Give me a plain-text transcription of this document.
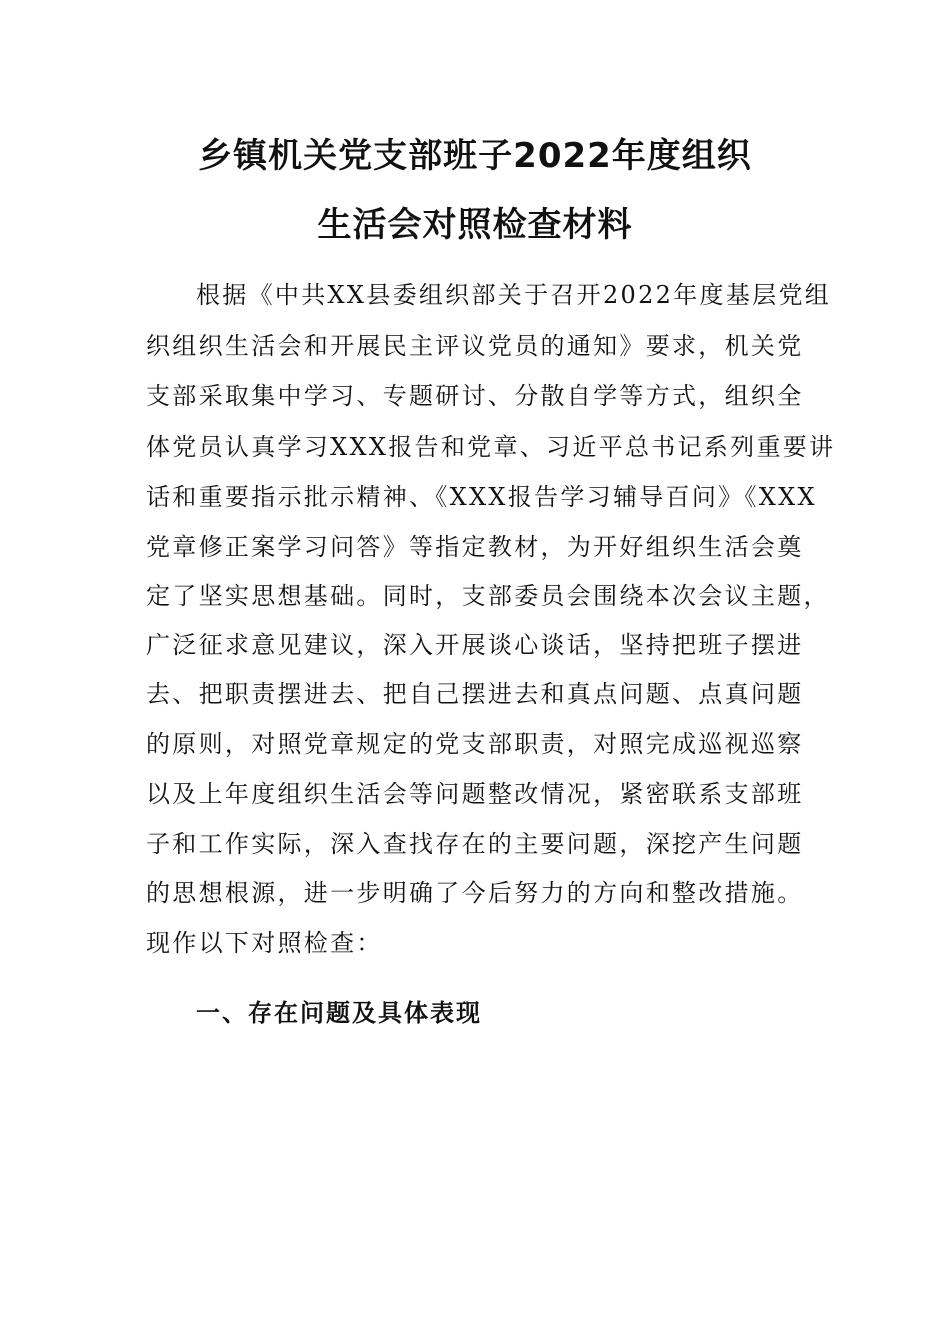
乡镇机关党支部班子2022年度组织
生活会对照检查材料

根据《中共XX县委组织部关于召开2022年度基层党组

织组织生活会和开展民主评议党员的通知》要求，机关党

支部采取集中学习、专题研讨、分散自学等方式，组织全

体党员认真学习XXX报告和党章、习近平总书记系列重要讲

话和重要指示批示精神、《XXX报告学习辅导百问》《XXX

党章修正案学习问答》等指定教材，为开好组织生活会奠

定了坚实思想基础。同时，支部委员会围绕本次会议主题，

广泛征求意见建议，深入开展谈心谈话，坚持把班子摆进

去、把职责摆进去、把自己摆进去和真点问题、点真问题

的原则，对照党章规定的党支部职责，对照完成巡视巡察

以及上年度组织生活会等问题整改情况，紧密联系支部班

子和工作实际，深入查找存在的主要问题，深挖产生问题

的思想根源，进一步明确了今后努力的方向和整改措施。

现作以下对照检查：

一、存在问题及具体表现
